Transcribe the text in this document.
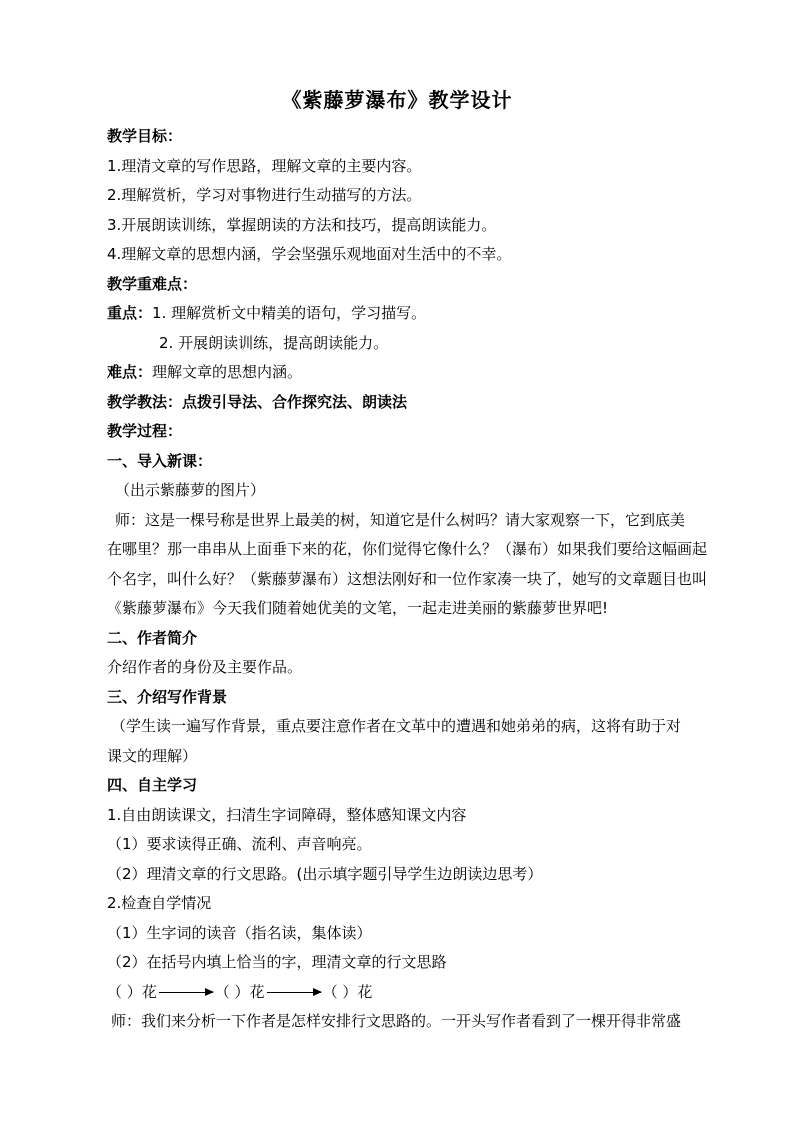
《紫藤萝瀑布》教学设计
教学目标：
1.理清文章的写作思路，理解文章的主要内容。
2.理解赏析，学习对事物进行生动描写的方法。
3.开展朗读训练，掌握朗读的方法和技巧，提高朗读能力。
4.理解文章的思想内涵，学会坚强乐观地面对生活中的不幸。
教学重难点：
重点：1. 理解赏析文中精美的语句，学习描写。
2. 开展朗读训练，提高朗读能力。
难点：理解文章的思想内涵。
教学教法：点拨引导法、合作探究法、朗读法
教学过程：
一、导入新课：
（出示紫藤萝的图片）
师：这是一棵号称是世界上最美的树，知道它是什么树吗？请大家观察一下，它到底美
在哪里？那一串串从上面垂下来的花，你们觉得它像什么？（瀑布）如果我们要给这幅画起
个名字，叫什么好？（紫藤萝瀑布）这想法刚好和一位作家凑一块了，她写的文章题目也叫
《紫藤萝瀑布》今天我们随着她优美的文笔，一起走进美丽的紫藤萝世界吧!
二、作者简介
介绍作者的身份及主要作品。
三、介绍写作背景
（学生读一遍写作背景，重点要注意作者在文革中的遭遇和她弟弟的病，这将有助于对
课文的理解）
四、自主学习
1.自由朗读课文，扫清生字词障碍，整体感知课文内容
（1）要求读得正确、流利、声音响亮。
（2）理清文章的行文思路。(出示填字题引导学生边朗读边思考）
2.检查自学情况
（1）生字词的读音（指名读，集体读）
（2）在括号内填上恰当的字，理清文章的行文思路
（ ）花	（ ）花	（ ）花
师：我们来分析一下作者是怎样安排行文思路的。一开头写作者看到了一棵开得非常盛
